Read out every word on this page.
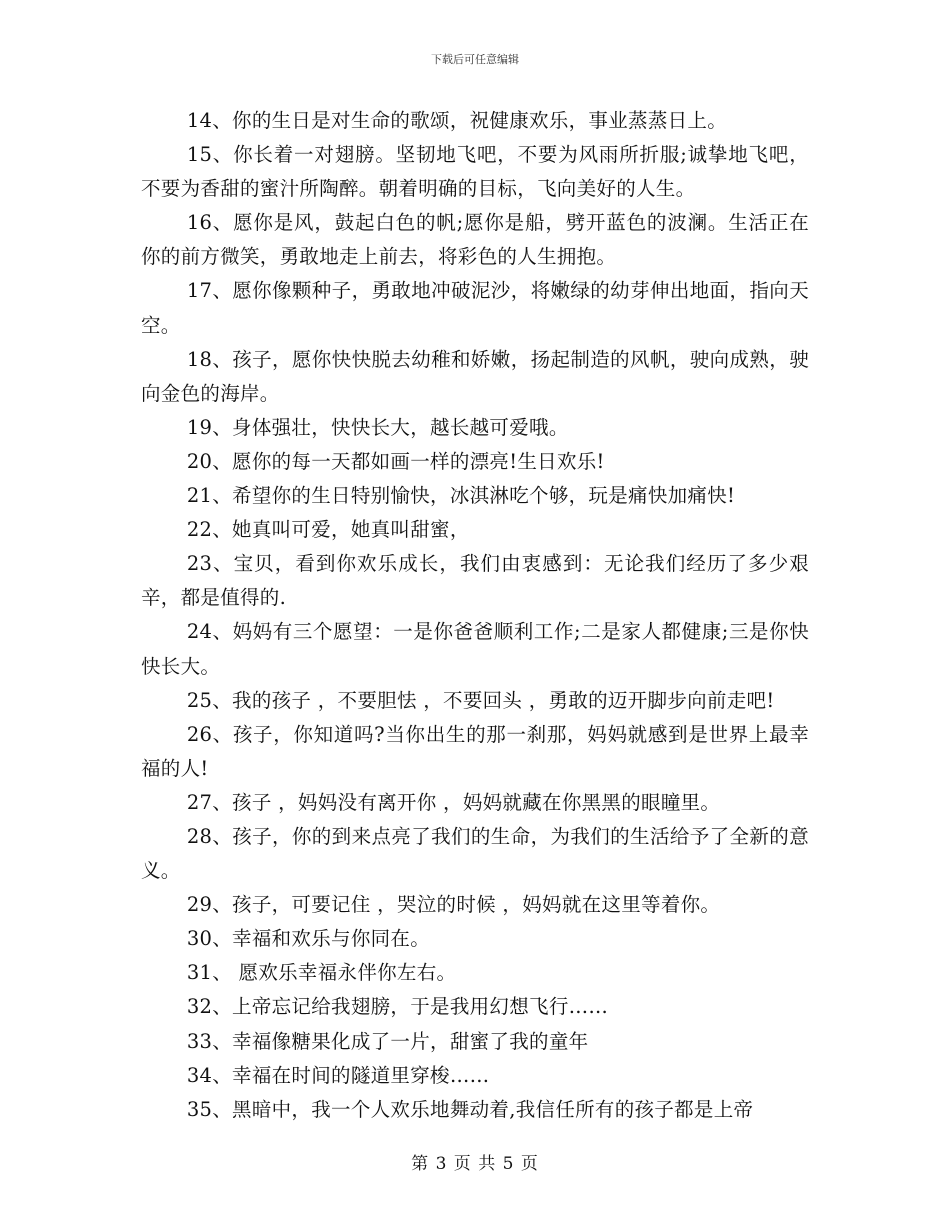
下载后可任意编辑

14、你的生日是对生命的歌颂，祝健康欢乐，事业蒸蒸日上。

15、你长着一对翅膀。坚韧地飞吧，不要为风雨所折服;诚挚地飞吧，不要为香甜的蜜汁所陶醉。朝着明确的目标，飞向美好的人生。

16、愿你是风，鼓起白色的帆;愿你是船，劈开蓝色的波澜。生活正在你的前方微笑，勇敢地走上前去，将彩色的人生拥抱。

17、愿你像颗种子，勇敢地冲破泥沙，将嫩绿的幼芽伸出地面，指向天空。

18、孩子，愿你快快脱去幼稚和娇嫩，扬起制造的风帆，驶向成熟，驶向金色的海岸。

19、身体强壮，快快长大，越长越可爱哦。

20、愿你的每一天都如画一样的漂亮!生日欢乐!

21、希望你的生日特别愉快，冰淇淋吃个够，玩是痛快加痛快!

22、她真叫可爱，她真叫甜蜜，

23、宝贝，看到你欢乐成长，我们由衷感到：无论我们经历了多少艰辛，都是值得的.

24、妈妈有三个愿望：一是你爸爸顺利工作;二是家人都健康;三是你快快长大。

25、我的孩子 ，不要胆怯 ，不要回头 ，勇敢的迈开脚步向前走吧!

26、孩子，你知道吗?当你出生的那一刹那，妈妈就感到是世界上最幸福的人!

27、孩子 ，妈妈没有离开你 ，妈妈就藏在你黑黑的眼瞳里。

28、孩子，你的到来点亮了我们的生命，为我们的生活给予了全新的意义。

29、孩子，可要记住 ，哭泣的时候 ，妈妈就在这里等着你。

30、幸福和欢乐与你同在。

31、 愿欢乐幸福永伴你左右。

32、上帝忘记给我翅膀，于是我用幻想飞行……

33、幸福像糖果化成了一片，甜蜜了我的童年

34、幸福在时间的隧道里穿梭……

35、黑暗中，我一个人欢乐地舞动着,我信任所有的孩子都是上帝

第 3 页 共 5 页
